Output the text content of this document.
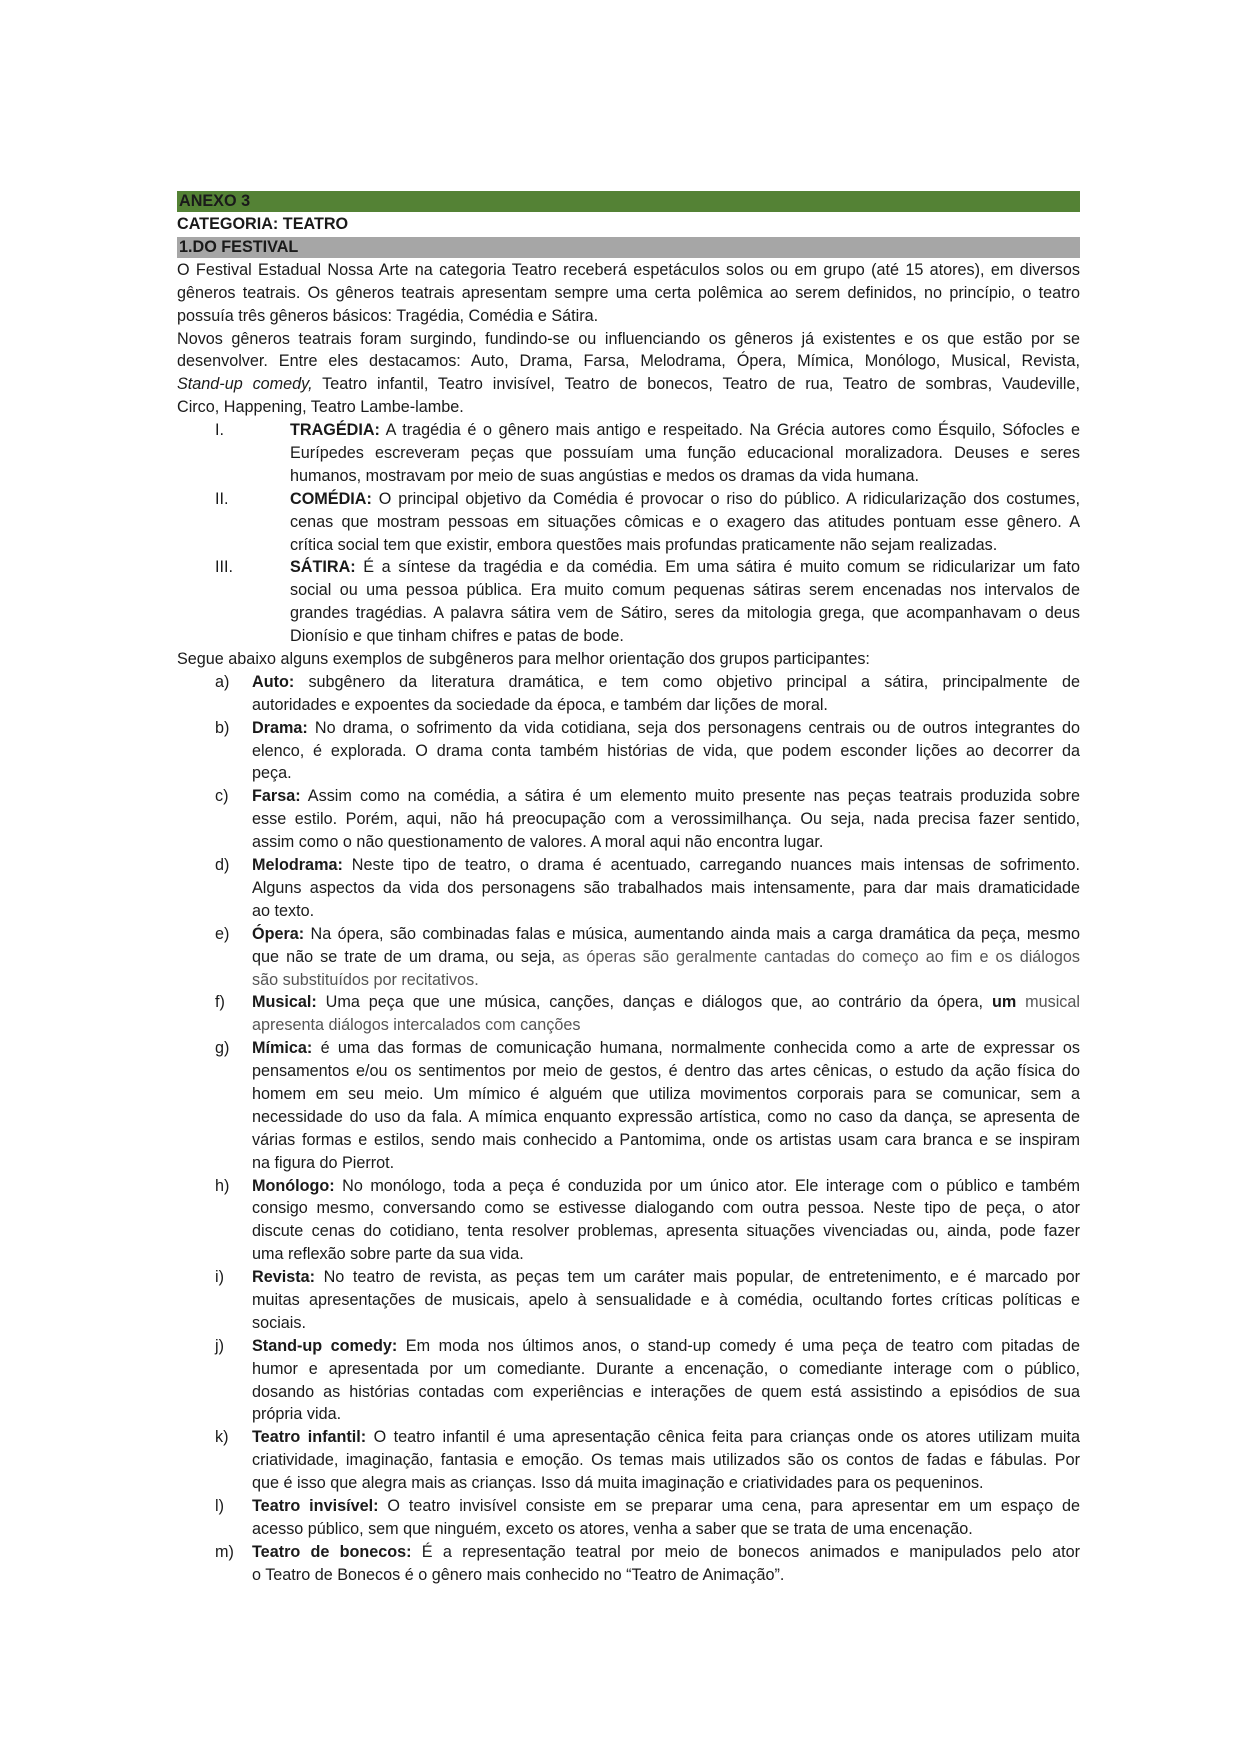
ANEXO 3
CATEGORIA: TEATRO
1.DO FESTIVAL
O Festival Estadual Nossa Arte na categoria Teatro receberá espetáculos solos ou em grupo (até 15 atores), em diversos
gêneros teatrais. Os gêneros teatrais apresentam sempre uma certa polêmica ao serem definidos, no princípio, o teatro
possuía três gêneros básicos: Tragédia, Comédia e Sátira.
Novos gêneros teatrais foram surgindo, fundindo-se ou influenciando os gêneros já existentes e os que estão por se
desenvolver. Entre eles destacamos: Auto, Drama, Farsa, Melodrama, Ópera, Mímica, Monólogo, Musical, Revista,
Stand-up comedy, Teatro infantil, Teatro invisível, Teatro de bonecos, Teatro de rua, Teatro de sombras, Vaudeville,
Circo, Happening, Teatro Lambe-lambe.
I.	TRAGÉDIA: A tragédia é o gênero mais antigo e respeitado. Na Grécia autores como Ésquilo, Sófocles e
Eurípedes escreveram peças que possuíam uma função educacional moralizadora. Deuses e seres
humanos, mostravam por meio de suas angústias e medos os dramas da vida humana.
II.	COMÉDIA: O principal objetivo da Comédia é provocar o riso do público. A ridicularização dos costumes,
cenas que mostram pessoas em situações cômicas e o exagero das atitudes pontuam esse gênero. A
crítica social tem que existir, embora questões mais profundas praticamente não sejam realizadas.
III.	SÁTIRA: É a síntese da tragédia e da comédia. Em uma sátira é muito comum se ridicularizar um fato
social ou uma pessoa pública. Era muito comum pequenas sátiras serem encenadas nos intervalos de
grandes tragédias. A palavra sátira vem de Sátiro, seres da mitologia grega, que acompanhavam o deus
Dionísio e que tinham chifres e patas de bode.
Segue abaixo alguns exemplos de subgêneros para melhor orientação dos grupos participantes:
a) Auto: subgênero da literatura dramática, e tem como objetivo principal a sátira, principalmente de
autoridades e expoentes da sociedade da época, e também dar lições de moral.
b) Drama: No drama, o sofrimento da vida cotidiana, seja dos personagens centrais ou de outros integrantes do
elenco, é explorada. O drama conta também histórias de vida, que podem esconder lições ao decorrer da
peça.
c) Farsa: Assim como na comédia, a sátira é um elemento muito presente nas peças teatrais produzida sobre
esse estilo. Porém, aqui, não há preocupação com a verossimilhança. Ou seja, nada precisa fazer sentido,
assim como o não questionamento de valores. A moral aqui não encontra lugar.
d) Melodrama: Neste tipo de teatro, o drama é acentuado, carregando nuances mais intensas de sofrimento.
Alguns aspectos da vida dos personagens são trabalhados mais intensamente, para dar mais dramaticidade
ao texto.
e) Ópera: Na ópera, são combinadas falas e música, aumentando ainda mais a carga dramática da peça, mesmo
que não se trate de um drama, ou seja, as óperas são geralmente cantadas do começo ao fim e os diálogos
são substituídos por recitativos.
f) Musical: Uma peça que une música, canções, danças e diálogos que, ao contrário da ópera, um musical
apresenta diálogos intercalados com canções
g) Mímica: é uma das formas de comunicação humana, normalmente conhecida como a arte de expressar os
pensamentos e/ou os sentimentos por meio de gestos, é dentro das artes cênicas, o estudo da ação física do
homem em seu meio. Um mímico é alguém que utiliza movimentos corporais para se comunicar, sem a
necessidade do uso da fala. A mímica enquanto expressão artística, como no caso da dança, se apresenta de
várias formas e estilos, sendo mais conhecido a Pantomima, onde os artistas usam cara branca e se inspiram
na figura do Pierrot.
h) Monólogo: No monólogo, toda a peça é conduzida por um único ator. Ele interage com o público e também
consigo mesmo, conversando como se estivesse dialogando com outra pessoa. Neste tipo de peça, o ator
discute cenas do cotidiano, tenta resolver problemas, apresenta situações vivenciadas ou, ainda, pode fazer
uma reflexão sobre parte da sua vida.
i) Revista: No teatro de revista, as peças tem um caráter mais popular, de entretenimento, e é marcado por
muitas apresentações de musicais, apelo à sensualidade e à comédia, ocultando fortes críticas políticas e
sociais.
j) Stand-up comedy: Em moda nos últimos anos, o stand-up comedy é uma peça de teatro com pitadas de
humor e apresentada por um comediante. Durante a encenação, o comediante interage com o público,
dosando as histórias contadas com experiências e interações de quem está assistindo a episódios de sua
própria vida.
k) Teatro infantil: O teatro infantil é uma apresentação cênica feita para crianças onde os atores utilizam muita
criatividade, imaginação, fantasia e emoção. Os temas mais utilizados são os contos de fadas e fábulas. Por
que é isso que alegra mais as crianças. Isso dá muita imaginação e criatividades para os pequeninos.
l) Teatro invisível: O teatro invisível consiste em se preparar uma cena, para apresentar em um espaço de
acesso público, sem que ninguém, exceto os atores, venha a saber que se trata de uma encenação.
m) Teatro de bonecos: É a representação teatral por meio de bonecos animados e manipulados pelo ator
o Teatro de Bonecos é o gênero mais conhecido no “Teatro de Animação”.
